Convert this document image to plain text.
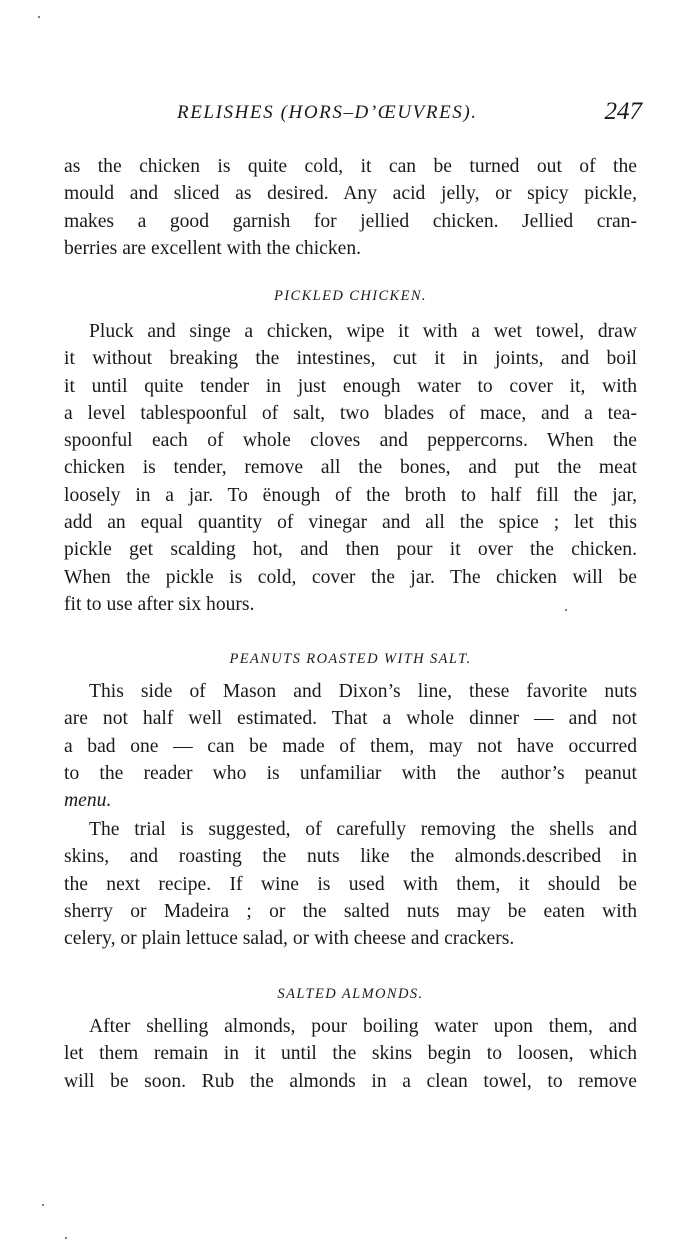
RELISHES (HORS–D’ŒUVRES).	247
as the chicken is quite cold, it can be turned out of the
mould and sliced as desired. Any acid jelly, or spicy pickle,
makes a good garnish for jellied chicken. Jellied cran-
berries are excellent with the chicken.
PICKLED CHICKEN.
Pluck and singe a chicken, wipe it with a wet towel, draw
it without breaking the intestines, cut it in joints, and boil
it until quite tender in just enough water to cover it, with
a level tablespoonful of salt, two blades of mace, and a tea-
spoonful each of whole cloves and peppercorns. When the
chicken is tender, remove all the bones, and put the meat
loosely in a jar. To ënough of the broth to half fill the jar,
add an equal quantity of vinegar and all the spice ; let this
pickle get scalding hot, and then pour it over the chicken.
When the pickle is cold, cover the jar. The chicken will be
fit to use after six hours.
PEANUTS ROASTED WITH SALT.
This side of Mason and Dixon’s line, these favorite nuts
are not half well estimated. That a whole dinner — and not
a bad one — can be made of them, may not have occurred
to the reader who is unfamiliar with the author’s peanut
menu.
The trial is suggested, of carefully removing the shells and
skins, and roasting the nuts like the almonds.described in
the next recipe. If wine is used with them, it should be
sherry or Madeira ; or the salted nuts may be eaten with
celery, or plain lettuce salad, or with cheese and crackers.
SALTED ALMONDS.
After shelling almonds, pour boiling water upon them, and
let them remain in it until the skins begin to loosen, which
will be soon. Rub the almonds in a clean towel, to remove
